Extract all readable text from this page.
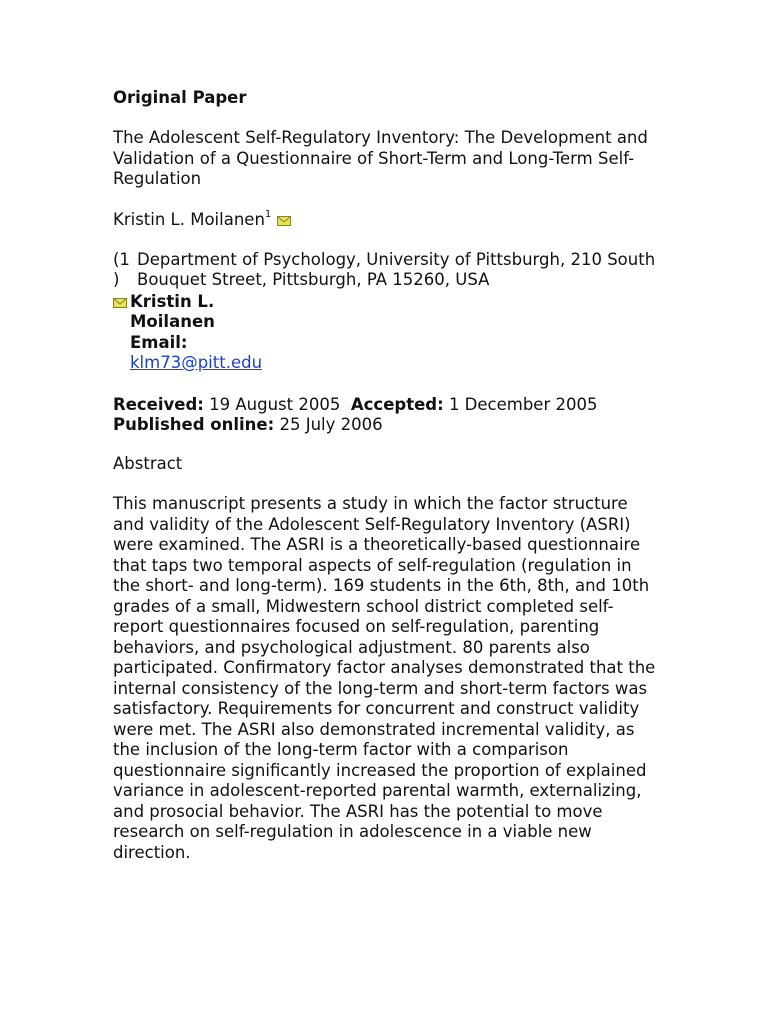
Original Paper

The Adolescent Self-Regulatory Inventory: The Development and Validation of a Questionnaire of Short-Term and Long-Term Self-Regulation
Kristin L. Moilanen$^1$
(1
)
Department of Psychology, University of Pittsburgh, 210 South Bouquet Street, Pittsburgh, PA 15260, USA
Kristin L. Moilanen
Email:
klm73@pitt.edu
Received: 19 August 2005 Accepted: 1 December 2005  Published online: 25 July 2006
Abstract
This manuscript presents a study in which the factor structure and validity of the Adolescent Self-Regulatory Inventory (ASRI) were examined. The ASRI is a theoretically-based questionnaire that taps two temporal aspects of self-regulation (regulation in the short- and long-term). 169 students in the 6th, 8th, and 10th grades of a small, Midwestern school district completed self-report questionnaires focused on self-regulation, parenting behaviors, and psychological adjustment. 80 parents also participated. Confirmatory factor analyses demonstrated that the internal consistency of the long-term and short-term factors was satisfactory. Requirements for concurrent and construct validity were met. The ASRI also demonstrated incremental validity, as the inclusion of the long-term factor with a comparison questionnaire significantly increased the proportion of explained variance in adolescent-reported parental warmth, externalizing, and prosocial behavior. The ASRI has the potential to move research on self-regulation in adolescence in a viable new direction.
